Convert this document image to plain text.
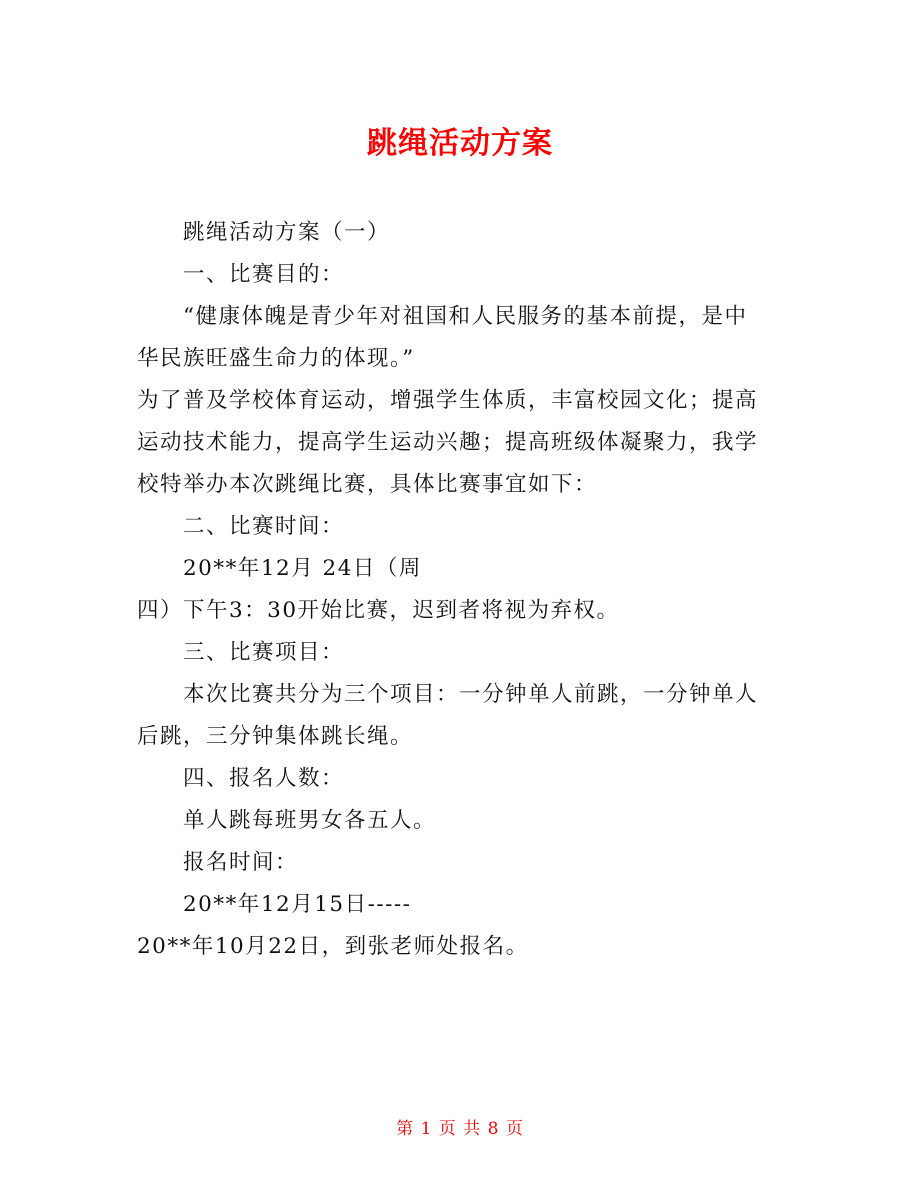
跳绳活动方案

跳绳活动方案（一）

一、比赛目的：

“健康体魄是青少年对祖国和人民服务的基本前提，是中

华民族旺盛生命力的体现。”

为了普及学校体育运动，增强学生体质，丰富校园文化；提高

运动技术能力，提高学生运动兴趣；提高班级体凝聚力，我学

校特举办本次跳绳比赛，具体比赛事宜如下：

二、比赛时间：

20**年12月 24日（周

四）下午3：30开始比赛，迟到者将视为弃权。

三、比赛项目：

本次比赛共分为三个项目：一分钟单人前跳，一分钟单人

后跳，三分钟集体跳长绳。

四、报名人数：

单人跳每班男女各五人。

报名时间：

20**年12月15日-----

20**年10月22日，到张老师处报名。

第 1 页 共 8 页
